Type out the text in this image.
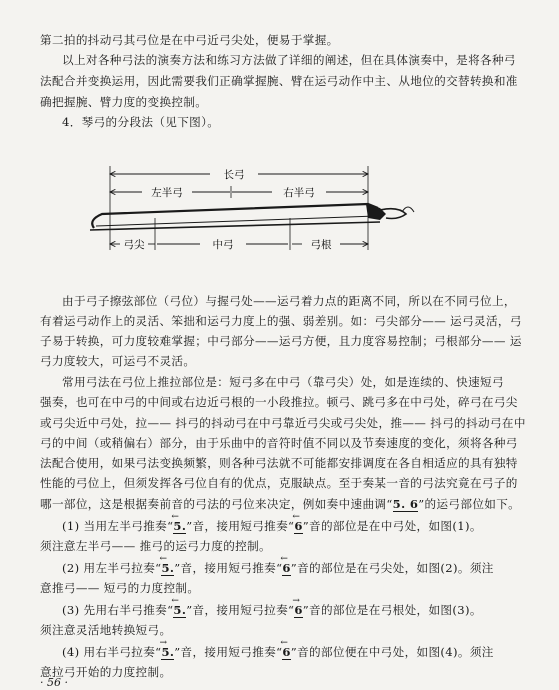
第二拍的抖动弓其弓位是在中弓近弓尖处，便易于掌握。
以上对各种弓法的演奏方法和练习方法做了详细的阐述，但在具体演奏中，是将各种弓
法配合并变换运用，因此需要我们正确掌握腕、臂在运弓动作中主、从地位的交替转换和准
确把握腕、臂力度的变换控制。
4．琴弓的分段法（见下图）。
长弓
左半弓	右半弓
弓尖	中弓	弓根
由于弓子擦弦部位（弓位）与握弓处——运弓着力点的距离不同，所以在不同弓位上，
有着运弓动作上的灵活、笨拙和运弓力度上的强、弱差别。如：弓尖部分—— 运弓灵活，弓
子易于转换，可力度较难掌握；中弓部分——运弓方便，且力度容易控制；弓根部分—— 运
弓力度较大，可运弓不灵活。
常用弓法在弓位上推拉部位是：短弓多在中弓（靠弓尖）处，如是连续的、快速短弓
强奏，也可在中弓的中间或右边近弓根的一小段推拉。顿弓、跳弓多在中弓处，碎弓在弓尖
或弓尖近中弓处，拉—— 抖弓的抖动弓在中弓靠近弓尖或弓尖处，推—— 抖弓的抖动弓在中
弓的中间（或稍偏右）部分，由于乐曲中的音符时值不同以及节奏速度的变化，须将各种弓
法配合使用，如果弓法变换频繁，则各种弓法就不可能都安排调度在各自相适应的具有独特
性能的弓位上，但须发挥各弓位自有的优点，克服缺点。至于奏某一音的弓法究竟在弓子的
哪一部位，这是根据奏前音的弓法的弓位来决定，例如奏中速曲调“5. 6
”的运弓部位如下。
(1) 当用左半弓推奏“
←
5.
”音，接用短弓推奏“
←
6
”音的部位是在中弓处，如图(1)。
须注意左半弓—— 推弓的运弓力度的控制。
(2) 用左半弓拉奏“
←
5.
”音，接用短弓推奏“
←
6
”音的部位是在弓尖处，如图(2)。须注
意推弓—— 短弓的力度控制。
(3) 先用右半弓推奏“
←
5.
”音，接用短弓拉奏“
→
6
”音的部位是在弓根处，如图(3)。
须注意灵活地转换短弓。
(4) 用右半弓拉奏“
→
5.
”音，接用短弓推奏“
←
6
”音的部位便在中弓处，如图(4)。须注
意拉弓开始的力度控制。
· 56 ·
